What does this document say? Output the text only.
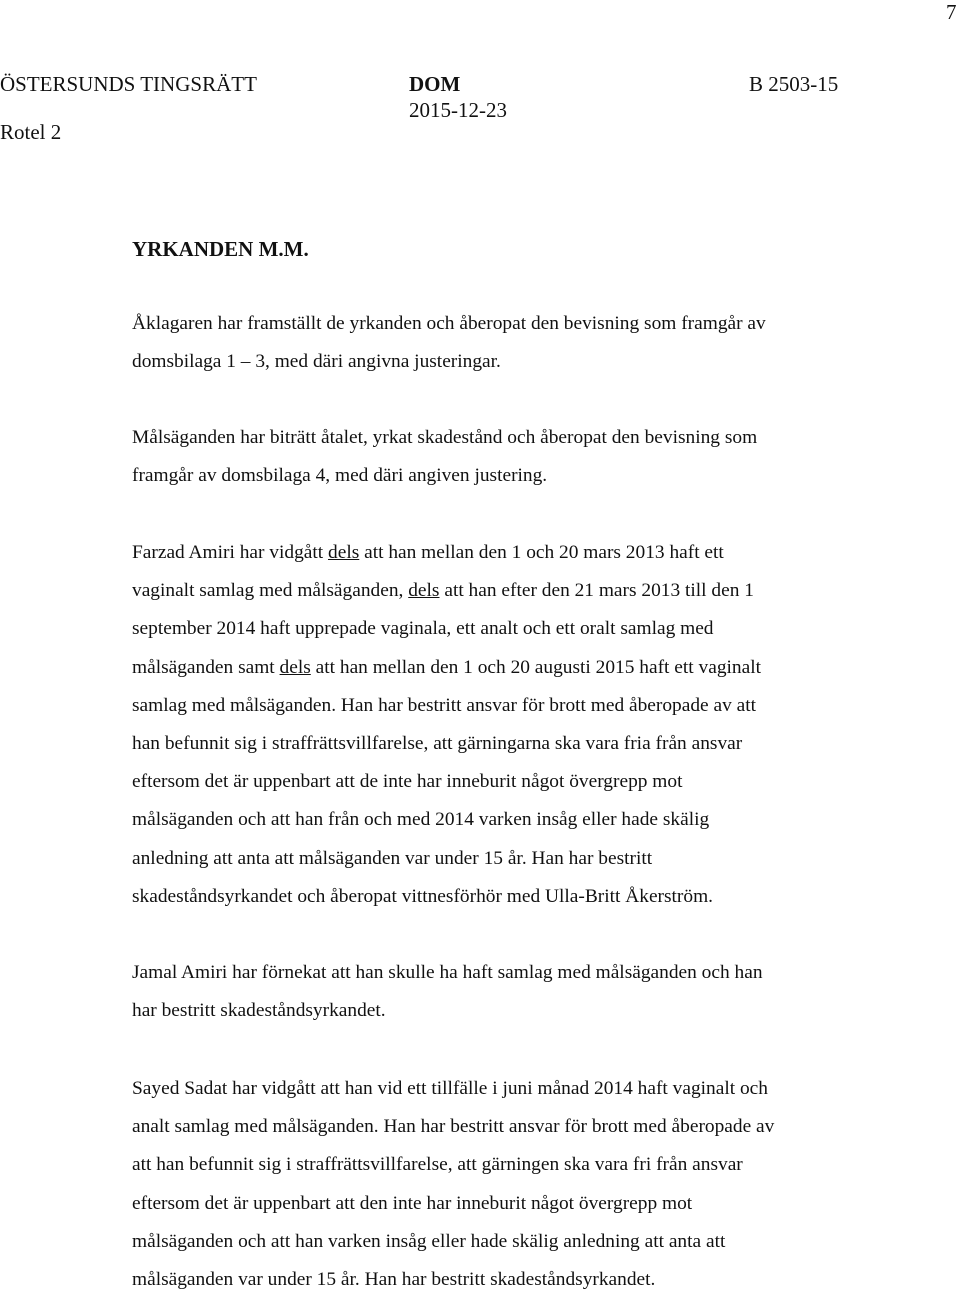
7
ÖSTERSUNDS TINGSRÄTT
Rotel 2
DOM
2015-12-23
B 2503-15
YRKANDEN M.M.
Åklagaren har framställt de yrkanden och åberopat den bevisning som framgår av
domsbilaga 1 – 3, med däri angivna justeringar.
Målsäganden har biträtt åtalet, yrkat skadestånd och åberopat den bevisning som
framgår av domsbilaga 4, med däri angiven justering.
Farzad Amiri har vidgått dels att han mellan den 1 och 20 mars 2013 haft ett
vaginalt samlag med målsäganden, dels att han efter den 21 mars 2013 till den 1
september 2014 haft upprepade vaginala, ett analt och ett oralt samlag med
målsäganden samt dels att han mellan den 1 och 20 augusti 2015 haft ett vaginalt
samlag med målsäganden. Han har bestritt ansvar för brott med åberopade av att
han befunnit sig i straffrättsvillfarelse, att gärningarna ska vara fria från ansvar
eftersom det är uppenbart att de inte har inneburit något övergrepp mot
målsäganden och att han från och med 2014 varken insåg eller hade skälig
anledning att anta att målsäganden var under 15 år. Han har bestritt
skadeståndsyrkandet och åberopat vittnesförhör med Ulla-Britt Åkerström.
Jamal Amiri har förnekat att han skulle ha haft samlag med målsäganden och han
har bestritt skadeståndsyrkandet.
Sayed Sadat har vidgått att han vid ett tillfälle i juni månad 2014 haft vaginalt och
analt samlag med målsäganden. Han har bestritt ansvar för brott med åberopade av
att han befunnit sig i straffrättsvillfarelse, att gärningen ska vara fri från ansvar
eftersom det är uppenbart att den inte har inneburit något övergrepp mot
målsäganden och att han varken insåg eller hade skälig anledning att anta att
målsäganden var under 15 år. Han har bestritt skadeståndsyrkandet.
